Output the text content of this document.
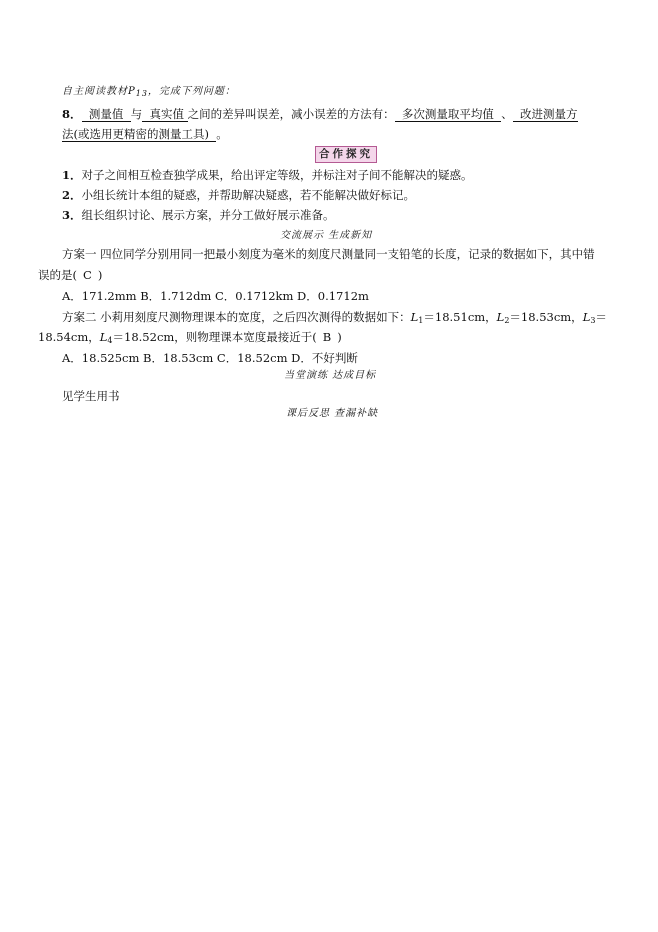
自主阅读教材$P_{13}$，完成下列问题：
8． 测量值 与 真实值 之间的差异叫误差，减小误差的方法有： 多次测量取平均值 、 改进测量方
法(或选用更精密的测量工具) 。
合作探究
1．对子之间相互检查独学成果，给出评定等级，并标注对子间不能解决的疑惑。
2．小组长统计本组的疑惑，并帮助解决疑惑，若不能解决做好标记。
3．组长组织讨论、展示方案，并分工做好展示准备。
交流展示 生成新知
方案一 四位同学分别用同一把最小刻度为毫米的刻度尺测量同一支铅笔的长度，记录的数据如下，其中错
误的是( C )
A．171.2mm B．1.712dm C．0.1712km D．0.1712m
方案二 小莉用刻度尺测物理课本的宽度，之后四次测得的数据如下：$L_1=18.51cm$，$L_2=18.53cm$，$L_3=$
18.54cm，$L_4=18.52cm$，则物理课本宽度最接近于( B )
A．18.525cm B．18.53cm C．18.52cm D．不好判断
当堂演练 达成目标
见学生用书
课后反思 查漏补缺
